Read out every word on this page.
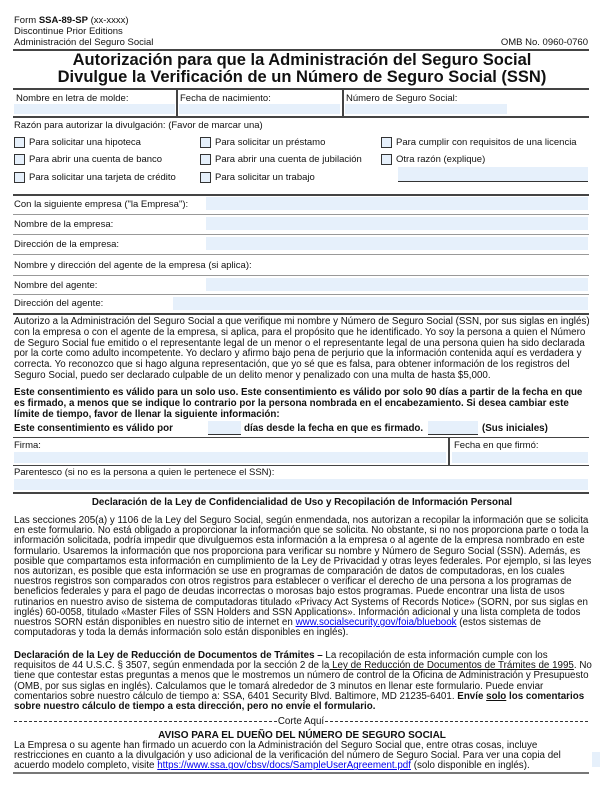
Form SSA-89-SP (xx-xxxx)
Discontinue Prior Editions
Administración del Seguro Social	OMB No. 0960-0760
Autorización para que la Administración del Seguro Social
Divulgue la Verificación de un Número de Seguro Social (SSN)
Nombre en letra de molde:	Fecha de nacimiento:	Número de Seguro Social:
Razón para autorizar la divulgación: (Favor de marcar una)
Para solicitar una hipoteca	Para solicitar un préstamo	Para cumplir con requisitos de una licencia
Para abrir una cuenta de banco	Para abrir una cuenta de jubilación	Otra razón (explique)
Para solicitar una tarjeta de crédito	Para solicitar un trabajo
Con la siguiente empresa ("la Empresa"):
Nombre de la empresa:
Dirección de la empresa:
Nombre y dirección del agente de la empresa (si aplica):
Nombre del agente:
Dirección del agente:
Autorizo a la Administración del Seguro Social a que verifique mi nombre y Número de Seguro Social (SSN, por sus siglas en inglés) con la empresa o con el agente de la empresa, si aplica, para el propósito que he identificado. Yo soy la persona a quien el Número de Seguro Social fue emitido o el representante legal de un menor o el representante legal de una persona quien ha sido declarada por la corte como adulto incompetente. Yo declaro y afirmo bajo pena de perjurio que la información contenida aquí es verdadera y correcta. Yo reconozco que si hago alguna representación, que yo sé que es falsa, para obtener información de los registros del Seguro Social, puedo ser declarado culpable de un delito menor y penalizado con una multa de hasta $5,000.
Este consentimiento es válido para un solo uso. Este consentimiento es válido por solo 90 días a partir de la fecha en que es firmado, a menos que se indique lo contrario por la persona nombrada en el encabezamiento. Si desea cambiar este límite de tiempo, favor de llenar la siguiente información:
Este consentimiento es válido por	días desde la fecha en que es firmado.	(Sus iniciales)
Firma:	Fecha en que firmó:
Parentesco (si no es la persona a quien le pertenece el SSN):
Declaración de la Ley de Confidencialidad de Uso y Recopilación de Información Personal
Las secciones 205(a) y 1106 de la Ley del Seguro Social, según enmendada, nos autorizan a recopilar la información que se solicita en este formulario. No está obligado a proporcionar la información que se solicita. No obstante, si no nos proporciona parte o toda la información solicitada, podría impedir que divulguemos esta información a la empresa o al agente de la empresa nombrado en este formulario. Usaremos la información que nos proporciona para verificar su nombre y Número de Seguro Social (SSN). Además, es posible que compartamos esta información en cumplimiento de la Ley de Privacidad y otras leyes federales. Por ejemplo, si las leyes nos autorizan, es posible que esta información se use en programas de comparación de datos de computadoras, en los cuales nuestros registros son comparados con otros registros para establecer o verificar el derecho de una persona a los programas de beneficios federales y para el pago de deudas incorrectas o morosas bajo estos programas. Puede encontrar una lista de usos rutinarios en nuestro aviso de sistema de computadoras titulado «Privacy Act Systems of Records Notice» (SORN, por sus siglas en inglés) 60-0058, titulado «Master Files of SSN Holders and SSN Applications». Información adicional y una lista completa de todos nuestros SORN están disponibles en nuestro sitio de internet en www.socialsecurity.gov/foia/bluebook (estos sistemas de computadoras y toda la demás información solo están disponibles en inglés).
Declaración de la Ley de Reducción de Documentos de Trámites – La recopilación de esta información cumple con los requisitos de 44 U.S.C. § 3507, según enmendada por la sección 2 de la Ley de Reducción de Documentos de Trámites de 1995. No tiene que contestar estas preguntas a menos que le mostremos un número de control de la Oficina de Administración y Presupuesto (OMB, por sus siglas en inglés). Calculamos que le tomará alrededor de 3 minutos en llenar este formulario. Puede enviar comentarios sobre nuestro cálculo de tiempo a: SSA, 6401 Security Blvd. Baltimore, MD 21235-6401. Envíe solo los comentarios sobre nuestro cálculo de tiempo a esta dirección, pero no envíe el formulario.
Corte Aquí
AVISO PARA EL DUEÑO DEL NÚMERO DE SEGURO SOCIAL
La Empresa o su agente han firmado un acuerdo con la Administración del Seguro Social que, entre otras cosas, incluye restricciones en cuanto a la divulgación y uso adicional de la verificación del número de Seguro Social. Para ver una copia del acuerdo modelo completo, visite https://www.ssa.gov/cbsv/docs/SampleUserAgreement.pdf (solo disponible en inglés).
